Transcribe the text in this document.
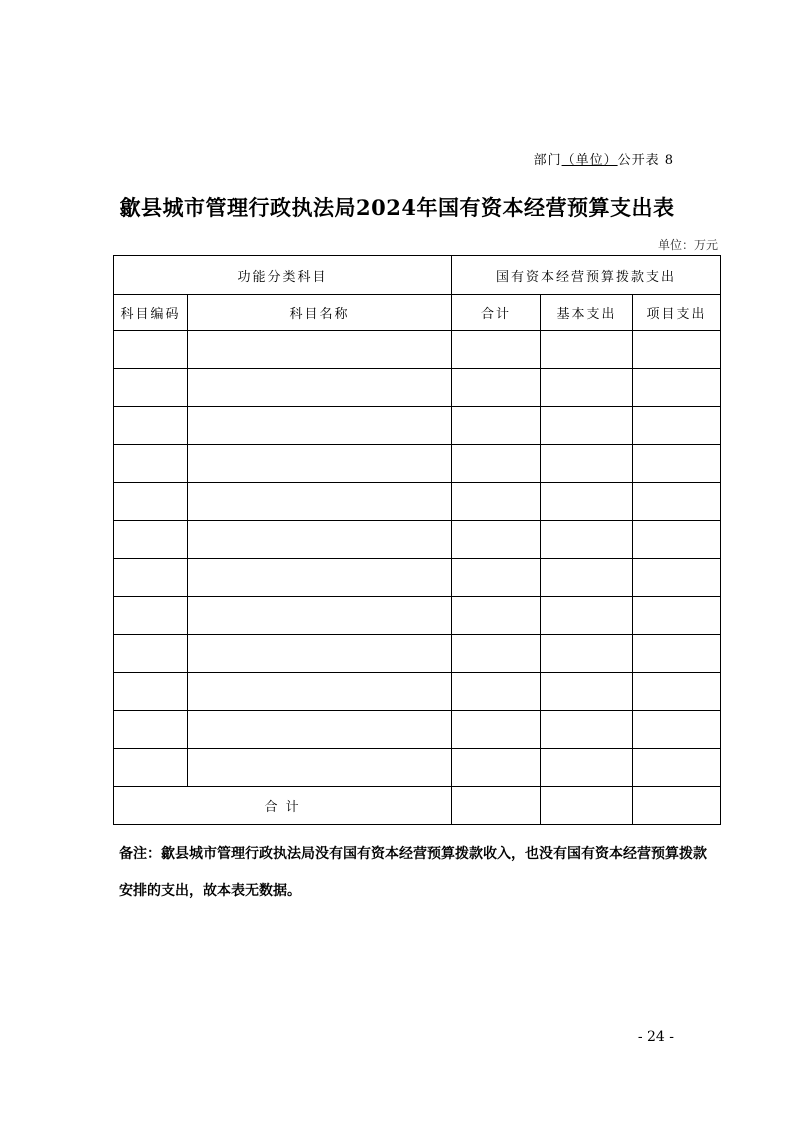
部门（单位）公开表 8
歙县城市管理行政执法局2024年国有资本经营预算支出表
单位：万元
功能分类科目		国有资本经营预算拨款支出		
科目编码	科目名称	合计	基本支出	项目支出

合 计				
备注：歙县城市管理行政执法局没有国有资本经营预算拨款收入，也没有国有资本经营预算拨款安排的支出，故本表无数据。
- 24 -
